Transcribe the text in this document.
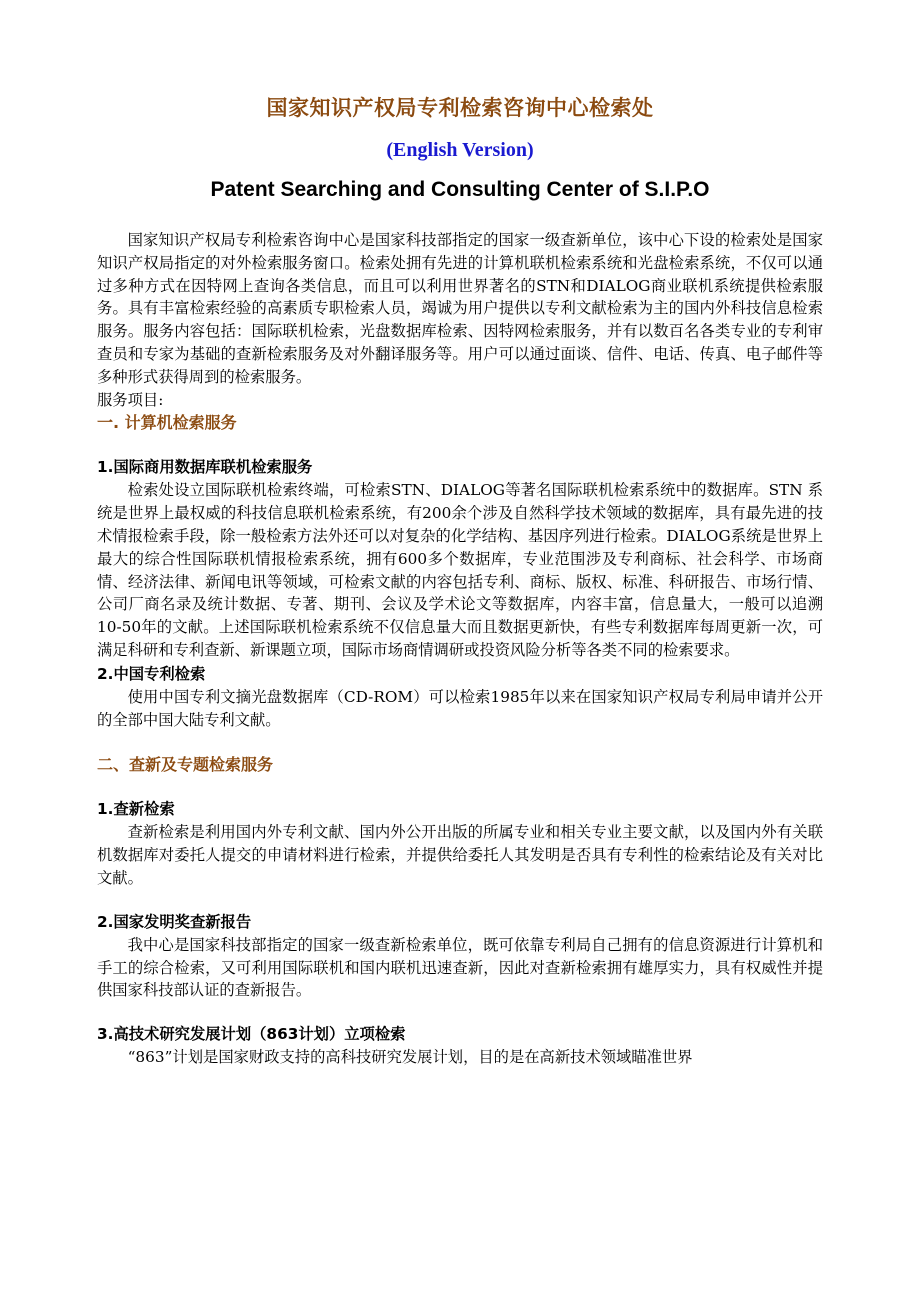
国家知识产权局专利检索咨询中心检索处
(English Version)
Patent Searching and Consulting Center of S.I.P.O

国家知识产权局专利检索咨询中心是国家科技部指定的国家一级查新单位，该中心下设的检索处是国家知识产权局指定的对外检索服务窗口。检索处拥有先进的计算机联机检索系统和光盘检索系统，不仅可以通过多种方式在因特网上查询各类信息，而且可以利用世界著名的STN和DIALOG商业联机系统提供检索服务。具有丰富检索经验的高素质专职检索人员，竭诚为用户提供以专利文献检索为主的国内外科技信息检索服务。服务内容包括：国际联机检索，光盘数据库检索、因特网检索服务，并有以数百名各类专业的专利审查员和专家为基础的查新检索服务及对外翻译服务等。用户可以通过面谈、信件、电话、传真、电子邮件等多种形式获得周到的检索服务。

服务项目:

一. 计算机检索服务
1.国际商用数据库联机检索服务

检索处设立国际联机检索终端，可检索STN、DIALOG等著名国际联机检索系统中的数据库。STN 系统是世界上最权威的科技信息联机检索系统，有200余个涉及自然科学技术领域的数据库，具有最先进的技术情报检索手段，除一般检索方法外还可以对复杂的化学结构、基因序列进行检索。DIALOG系统是世界上最大的综合性国际联机情报检索系统，拥有600多个数据库，专业范围涉及专利商标、社会科学、市场商情、经济法律、新闻电讯等领域，可检索文献的内容包括专利、商标、版权、标准、科研报告、市场行情、公司厂商名录及统计数据、专著、期刊、会议及学术论文等数据库，内容丰富，信息量大，一般可以追溯10-50年的文献。上述国际联机检索系统不仅信息量大而且数据更新快，有些专利数据库每周更新一次，可满足科研和专利查新、新课题立项，国际市场商情调研或投资风险分析等各类不同的检索要求。

2.中国专利检索

使用中国专利文摘光盘数据库（CD-ROM）可以检索1985年以来在国家知识产权局专利局申请并公开的全部中国大陆专利文献。

二、查新及专题检索服务
1.查新检索

查新检索是利用国内外专利文献、国内外公开出版的所属专业和相关专业主要文献，以及国内外有关联机数据库对委托人提交的申请材料进行检索，并提供给委托人其发明是否具有专利性的检索结论及有关对比文献。

2.国家发明奖查新报告

我中心是国家科技部指定的国家一级查新检索单位，既可依靠专利局自己拥有的信息资源进行计算机和手工的综合检索，又可利用国际联机和国内联机迅速查新，因此对查新检索拥有雄厚实力，具有权威性并提供国家科技部认证的查新报告。

3.高技术研究发展计划（863计划）立项检索

“863”计划是国家财政支持的高科技研究发展计划，目的是在高新技术领域瞄准世界
